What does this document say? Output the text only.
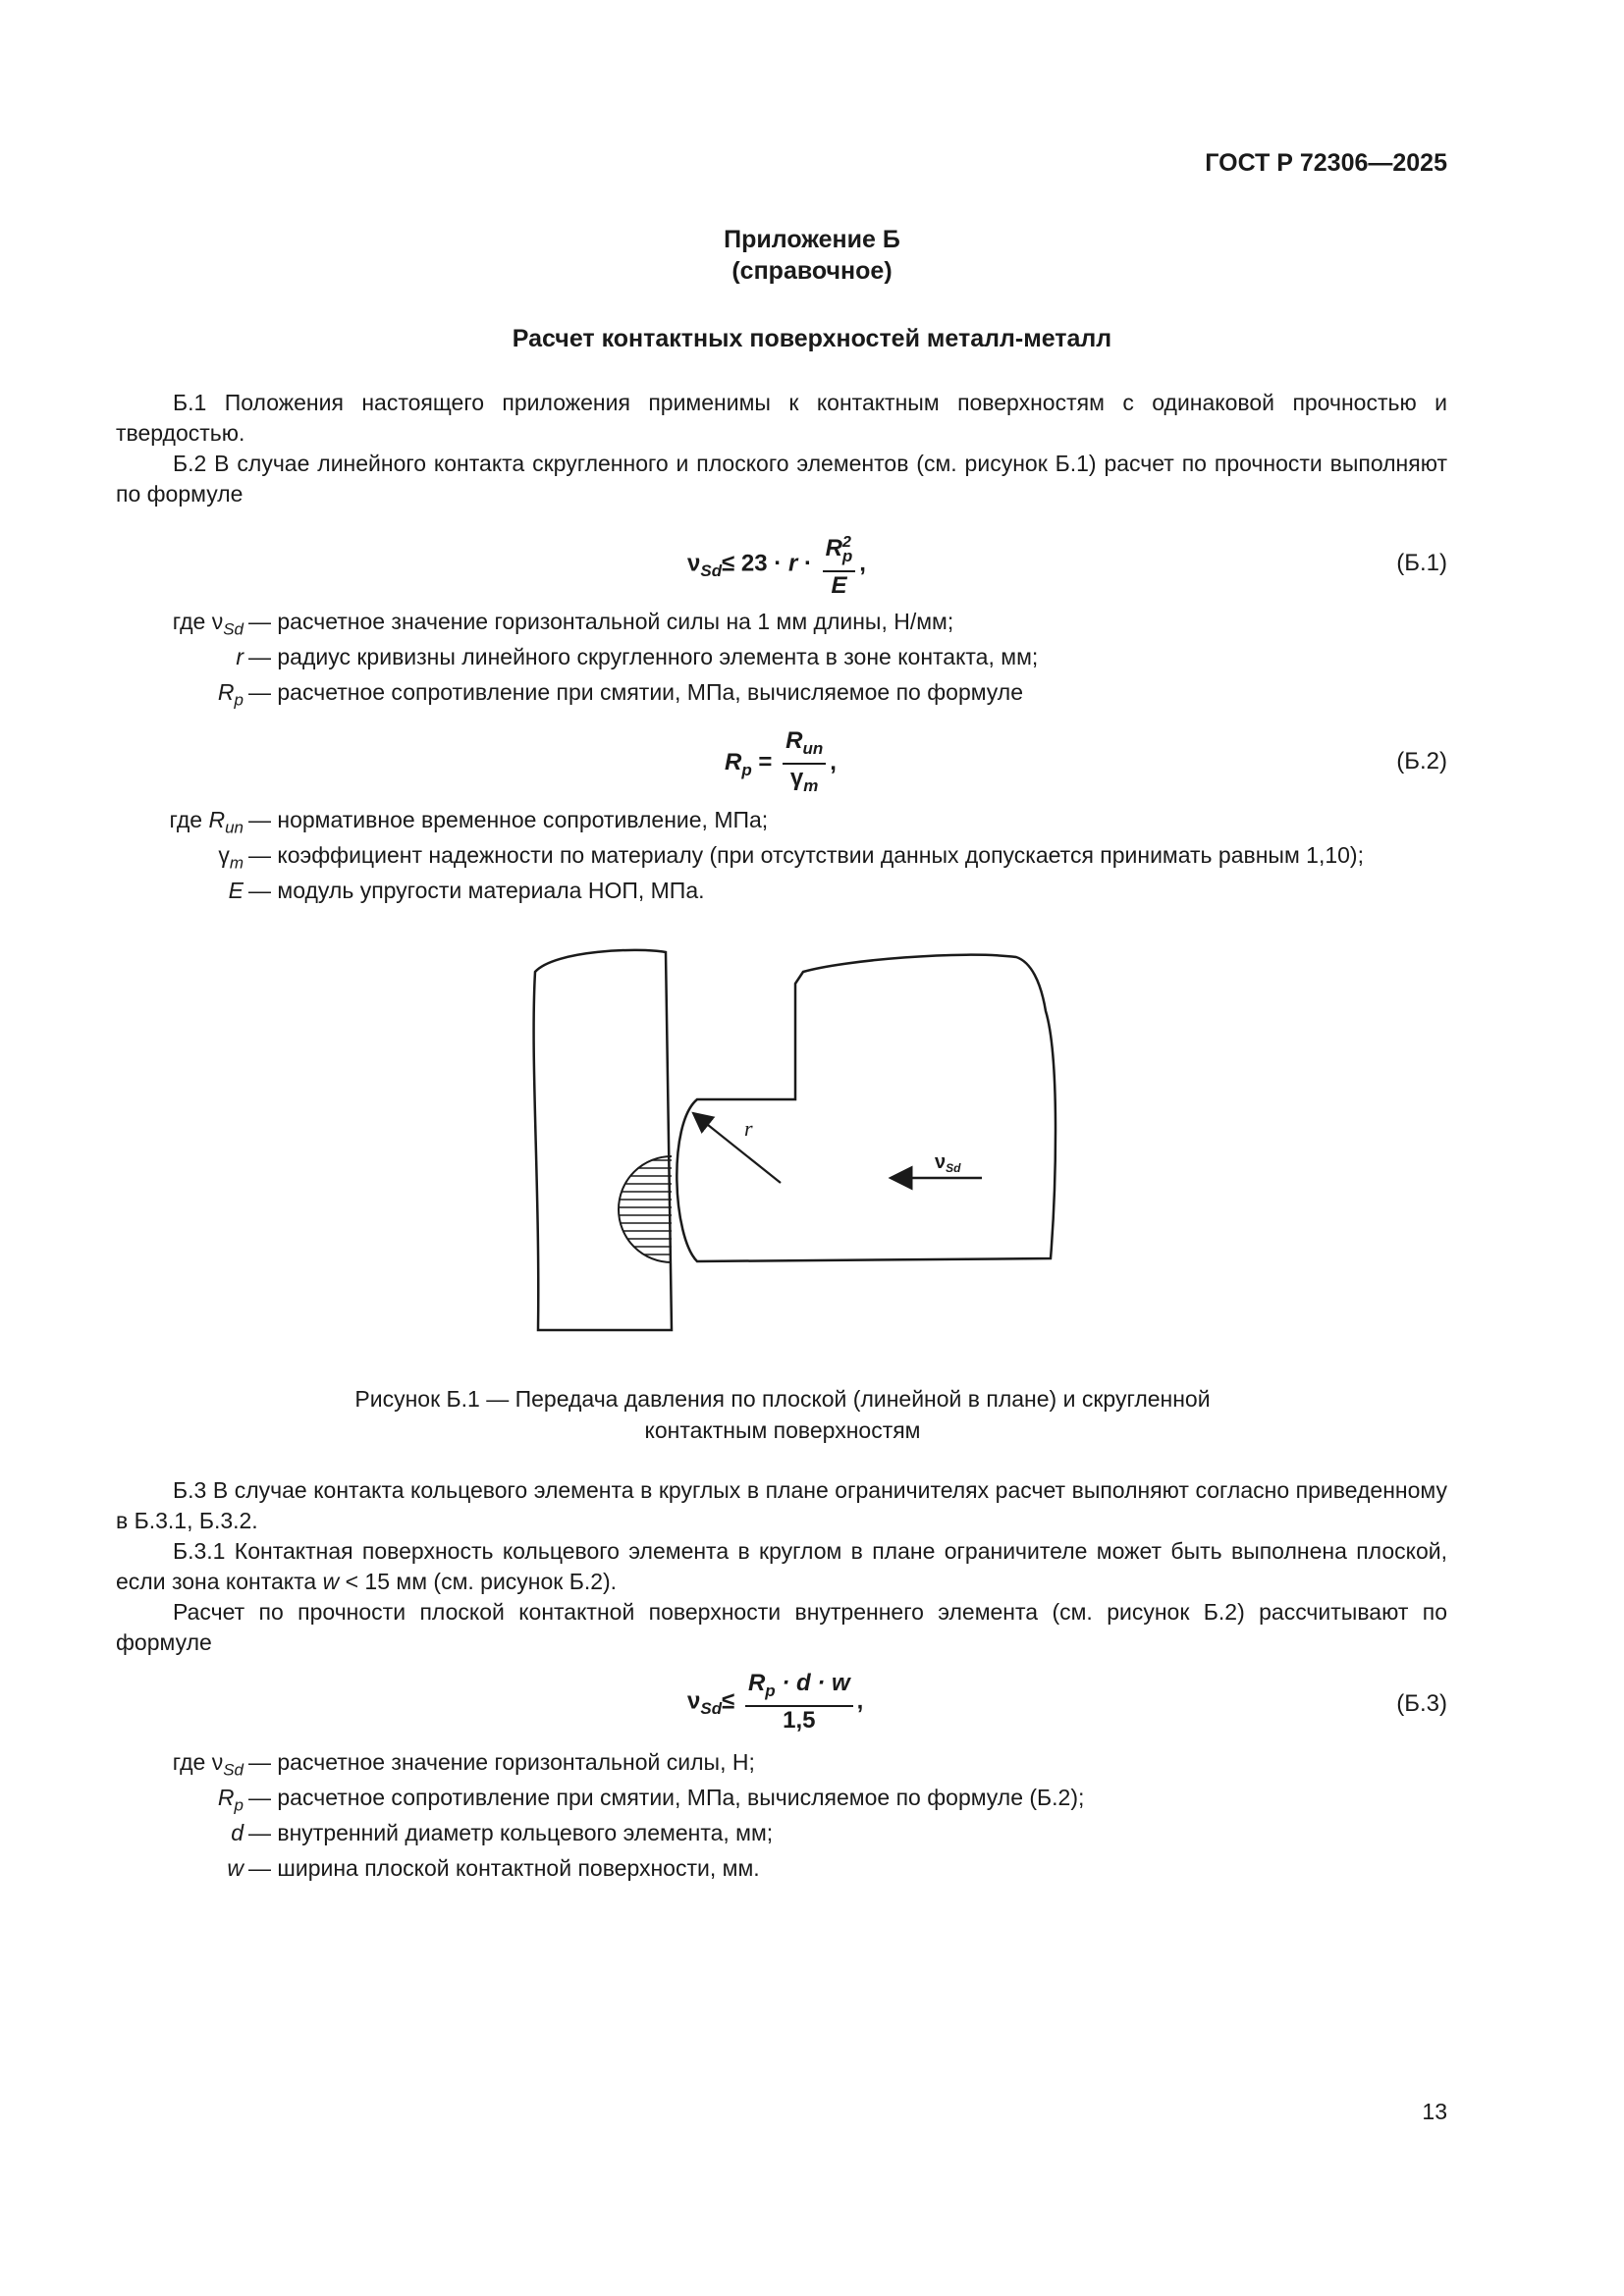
ГОСТ Р 72306—2025
Приложение Б
(справочное)
Расчет контактных поверхностей металл-металл
Б.1 Положения настоящего приложения применимы к контактным поверхностям с одинаковой прочностью и твердостью.
Б.2 В случае линейного контакта скругленного и плоского элементов (см. рисунок Б.1) расчет по прочности выполняют по формуле
$\nu_{Sd}\le 23 \cdot r \cdot \frac{R^2_p}{E}$ ,	(Б.1)
где $\nu_{Sd}$ — расчетное значение горизонтальной силы на 1 мм длины, Н/мм;
r — радиус кривизны линейного скругленного элемента в зоне контакта, мм;
$R_p$ — расчетное сопротивление при смятии, МПа, вычисляемое по формуле
$R_p = \frac{R_{un}}{\gamma_m}$ ,	(Б.2)
где $R_{un}$ — нормативное временное сопротивление, МПа;
$\gamma_m$ — коэффициент надежности по материалу (при отсутствии данных допускается принимать равным 1,10);
E — модуль упругости материала НОП, МПа.
r
$\nu_{Sd}$
Рисунок Б.1 — Передача давления по плоской (линейной в плане) и скругленной
контактным поверхностям
Б.3 В случае контакта кольцевого элемента в круглых в плане ограничителях расчет выполняют согласно приведенному в Б.3.1, Б.3.2.
Б.3.1 Контактная поверхность кольцевого элемента в круглом в плане ограничителе может быть выполнена плоской, если зона контакта w < 15 мм (см. рисунок Б.2).
Расчет по прочности плоской контактной поверхности внутреннего элемента (см. рисунок Б.2) рассчитывают по формуле
$\nu_{Sd}\le \frac{R_p \cdot d \cdot w}{1,5}$ ,	(Б.3)
где $\nu_{Sd}$ — расчетное значение горизонтальной силы, Н;
$R_p$ — расчетное сопротивление при смятии, МПа, вычисляемое по формуле (Б.2);
d — внутренний диаметр кольцевого элемента, мм;
w — ширина плоской контактной поверхности, мм.
13
